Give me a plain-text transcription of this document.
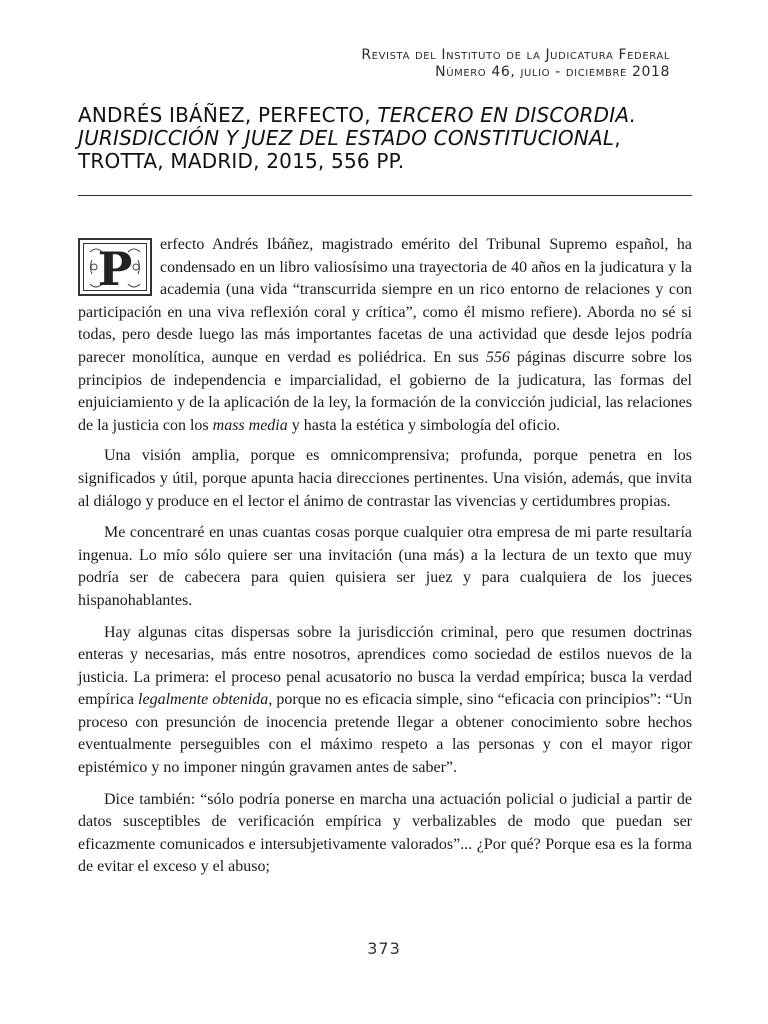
Revista del Instituto de la Judicatura Federal
Número 46, julio - diciembre 2018
ANDRÉS IBÁÑEZ, PERFECTO, TERCERO EN DISCORDIA. JURISDICCIÓN Y JUEZ DEL ESTADO CONSTITUCIONAL, TROTTA, MADRID, 2015, 556 PP.

P	erfecto Andrés Ibáñez, magistrado emérito del Tribunal Supremo español, ha condensado en un libro valiosísimo una trayectoria de 40 años en la judicatura y la academia (una vida “transcurrida siempre en un rico entorno de relaciones y con participación en una viva reflexión coral y crítica”, como él mismo refiere). Aborda no sé si todas, pero desde luego las más importantes facetas de una actividad que desde lejos podría parecer monolítica, aunque en verdad es poliédrica. En sus 556 páginas discurre sobre los principios de independencia e imparcialidad, el gobierno de la judicatura, las formas del enjuiciamiento y de la aplicación de la ley, la formación de la convicción judicial, las relaciones de la justicia con los mass media y hasta la estética y simbología del oficio.

Una visión amplia, porque es omnicomprensiva; profunda, porque penetra en los significados y útil, porque apunta hacia direcciones pertinentes. Una visión, además, que invita al diálogo y produce en el lector el ánimo de contrastar las vivencias y certidumbres propias.

Me concentraré en unas cuantas cosas porque cualquier otra empresa de mi parte resultaría ingenua. Lo mío sólo quiere ser una invitación (una más) a la lectura de un texto que muy podría ser de cabecera para quien quisiera ser juez y para cualquiera de los jueces hispanohablantes.

Hay algunas citas dispersas sobre la jurisdicción criminal, pero que resumen doctrinas enteras y necesarias, más entre nosotros, aprendices como sociedad de estilos nuevos de la justicia. La primera: el proceso penal acusatorio no busca la verdad empírica; busca la verdad empírica legalmente obtenida, porque no es eficacia simple, sino “eficacia con principios”: “Un proceso con presunción de inocencia pretende llegar a obtener conocimiento sobre hechos eventualmente perseguibles con el máximo respeto a las personas y con el mayor rigor epistémico y no imponer ningún gravamen antes de saber”.

Dice también: “sólo podría ponerse en marcha una actuación policial o judicial a partir de datos susceptibles de verificación empírica y verbalizables de modo que puedan ser eficazmente comunicados e intersubjetivamente valorados”... ¿Por qué? Porque esa es la forma de evitar el exceso y el abuso;

373
